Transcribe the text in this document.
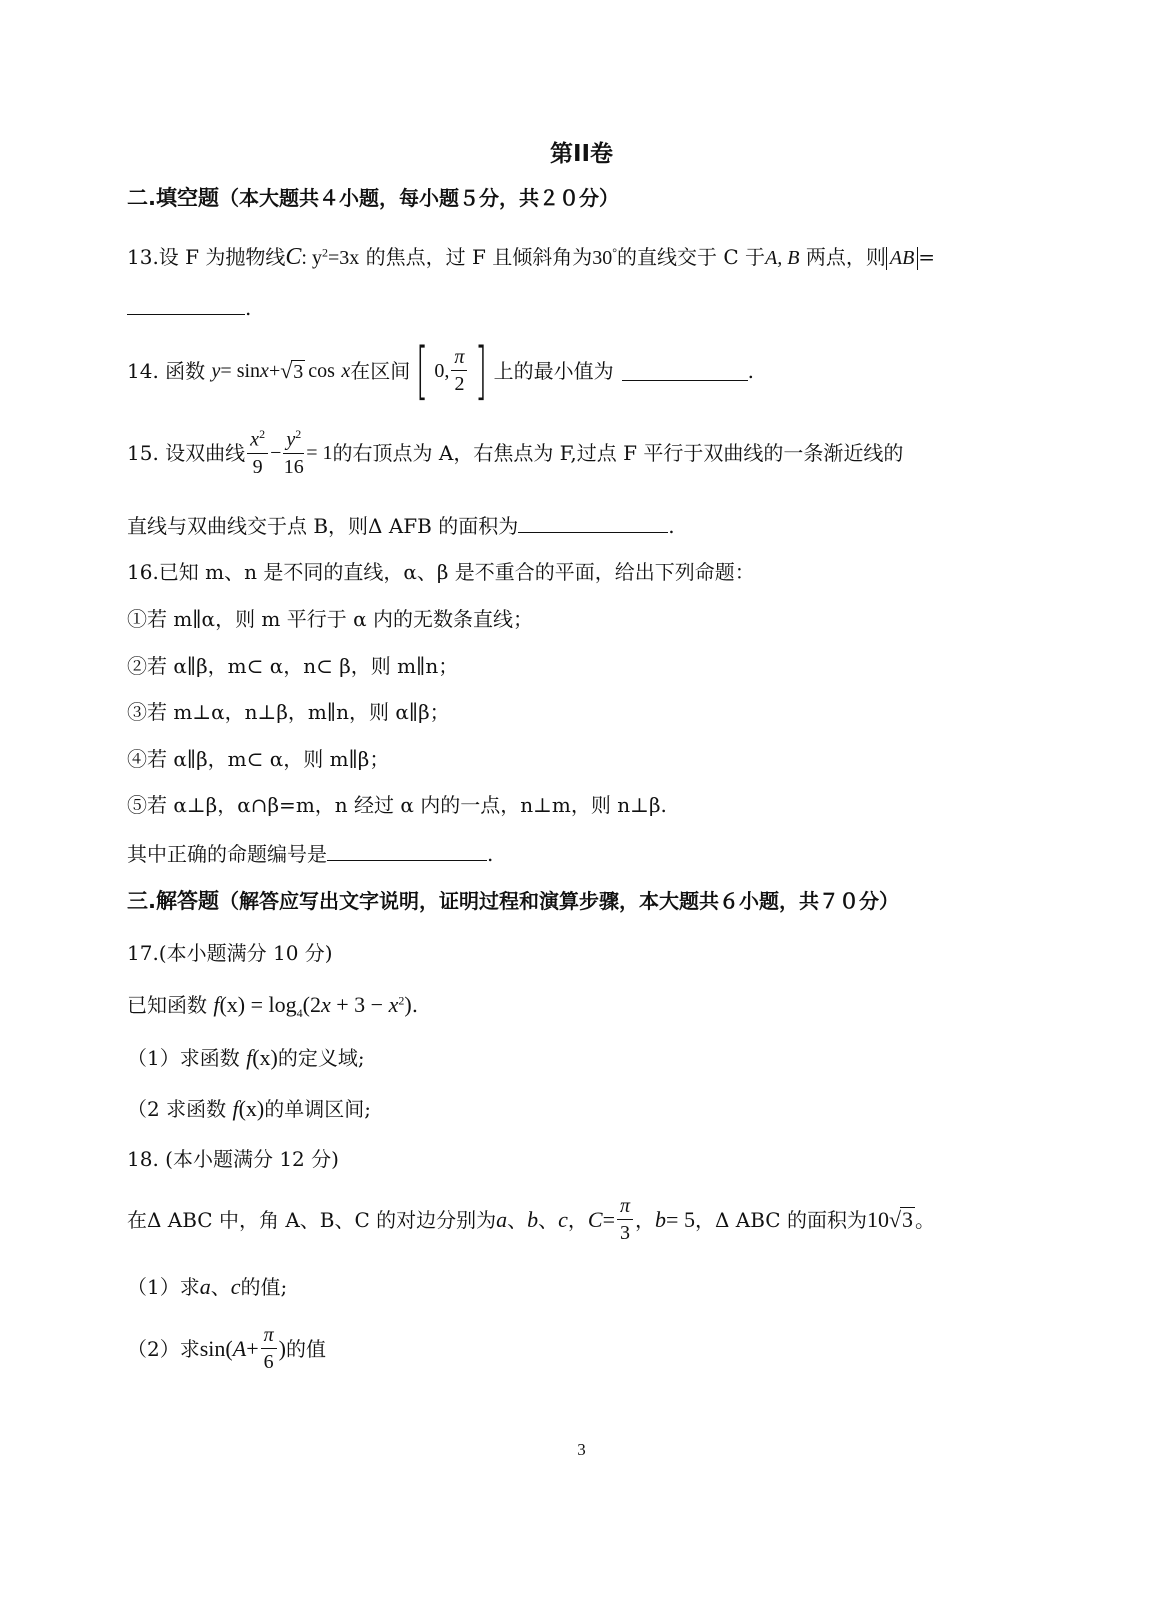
第II卷
二.填空题（本大题共４小题，每小题５分，共２０分）
13.设 F 为抛物线C: $y^2=3x$ 的焦点，过 F 且倾斜角为30°的直线交于 C 于A, B 两点，则 AB =
.
14. 函数
y = sin x + √ 3 cos
x 在区间 [ 0, $\frac{\pi}{2}$ ] 上的最小值为	.
15. 设双曲线 $\frac{x^2}{9} - \frac{y^2}{16} = 1$ 的右顶点为 A，右焦点为 F,过点 F 平行于双曲线的一条渐近线的
直线与双曲线交于点 B，则Δ AFB 的面积为	.
16.已知 m、n 是不同的直线，α、β 是不重合的平面，给出下列命题：
①若 m∥α，则 m 平行于 α 内的无数条直线；
②若 α∥β，m⊂ α，n⊂ β，则 m∥n；
③若 m⊥α，n⊥β，m∥n，则 α∥β；
④若 α∥β，m⊂ α，则 m∥β；
⑤若 α⊥β，α∩β=m，n 经过 α 内的一点，n⊥m，则 n⊥β.
其中正确的命题编号是	.
三.解答题（解答应写出文字说明，证明过程和演算步骤，本大题共６小题，共７０分）
17.(本小题满分 10 分)
已知函数 $f(x) = \log_4(2x + 3 - x^2)$.
（1）求函数 f(x)的定义域;
（2 求函数 f(x)的单调区间;
18. (本小题满分 12 分)
在Δ ABC 中，角 A、B、C 的对边分别为 a 、 b 、 c ， $C = \frac{\pi}{3}$ ， b = 5 ，Δ ABC 的面积为 10 √ 3 。
（1）求a、c的值;
（2）求 sin( $A + \frac{\pi}{6}$ ) 的值
3
